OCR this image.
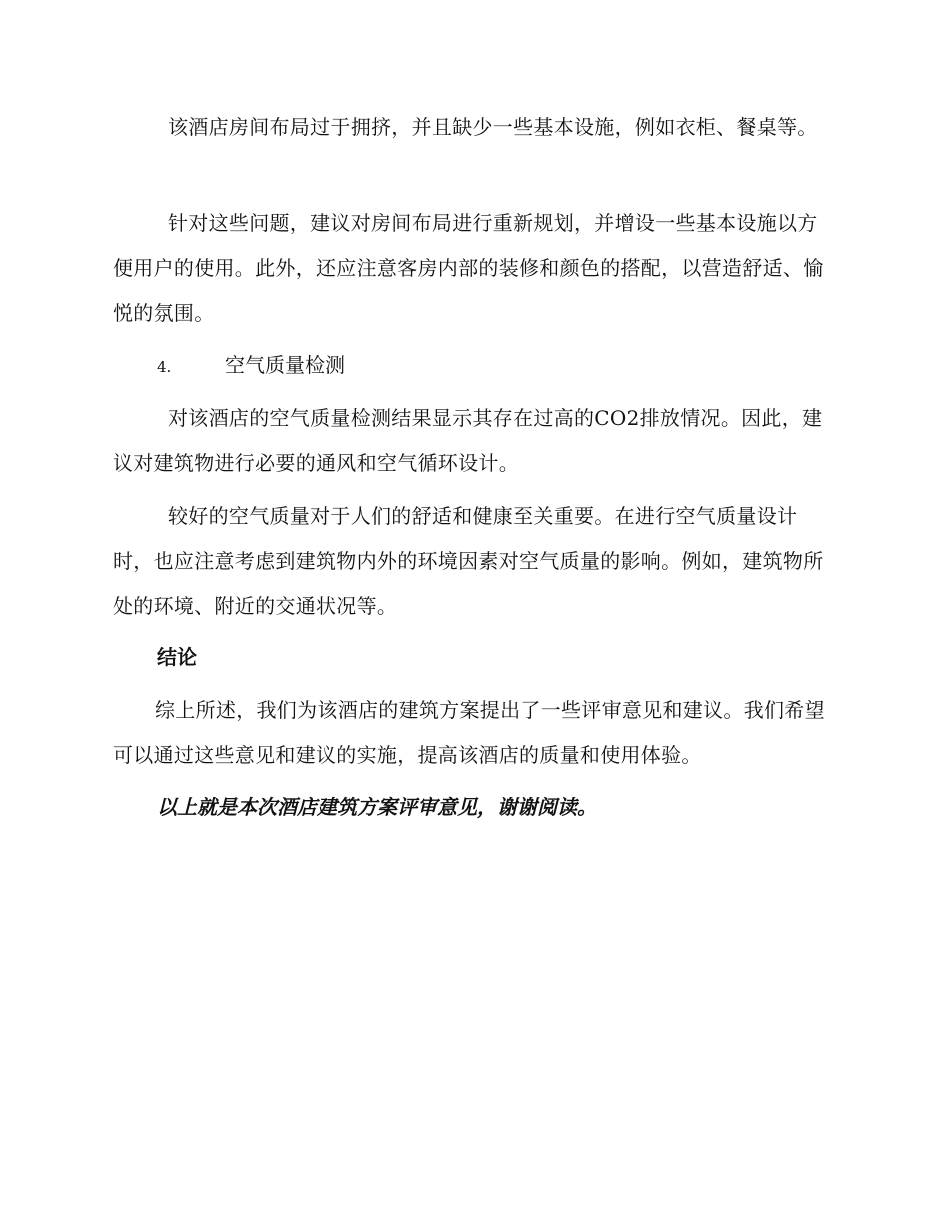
该酒店房间布局过于拥挤，并且缺少一些基本设施，例如衣柜、餐桌等。

针对这些问题，建议对房间布局进行重新规划，并增设一些基本设施以方便用户的使用。此外，还应注意客房内部的装修和颜色的搭配，以营造舒适、愉悦的氛围。

4.	空气质量检测

对该酒店的空气质量检测结果显示其存在过高的CO2排放情况。因此，建议对建筑物进行必要的通风和空气循环设计。

较好的空气质量对于人们的舒适和健康至关重要。在进行空气质量设计时，也应注意考虑到建筑物内外的环境因素对空气质量的影响。例如，建筑物所处的环境、附近的交通状况等。

结论

综上所述，我们为该酒店的建筑方案提出了一些评审意见和建议。我们希望可以通过这些意见和建议的实施，提高该酒店的质量和使用体验。

以上就是本次酒店建筑方案评审意见，谢谢阅读。
